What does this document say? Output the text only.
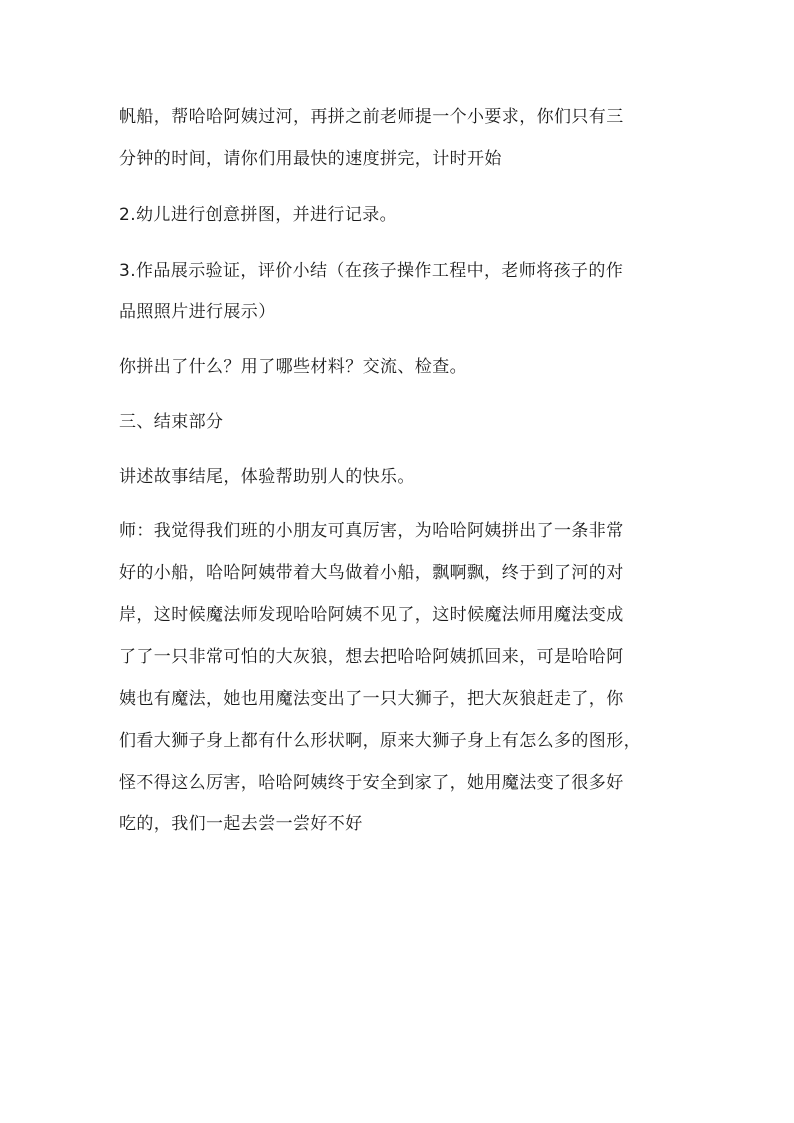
帆船，帮哈哈阿姨过河，再拼之前老师提一个小要求，你们只有三
分钟的时间，请你们用最快的速度拼完，计时开始
2.幼儿进行创意拼图，并进行记录。
3.作品展示验证，评价小结（在孩子操作工程中，老师将孩子的作
品照照片进行展示）
你拼出了什么？用了哪些材料？交流、检查。
三、结束部分
讲述故事结尾，体验帮助别人的快乐。
师：我觉得我们班的小朋友可真厉害，为哈哈阿姨拼出了一条非常
好的小船，哈哈阿姨带着大鸟做着小船，飘啊飘，终于到了河的对
岸，这时候魔法师发现哈哈阿姨不见了，这时候魔法师用魔法变成
了了一只非常可怕的大灰狼，想去把哈哈阿姨抓回来，可是哈哈阿
姨也有魔法，她也用魔法变出了一只大狮子，把大灰狼赶走了，你
们看大狮子身上都有什么形状啊，原来大狮子身上有怎么多的图形，
怪不得这么厉害，哈哈阿姨终于安全到家了，她用魔法变了很多好
吃的，我们一起去尝一尝好不好
